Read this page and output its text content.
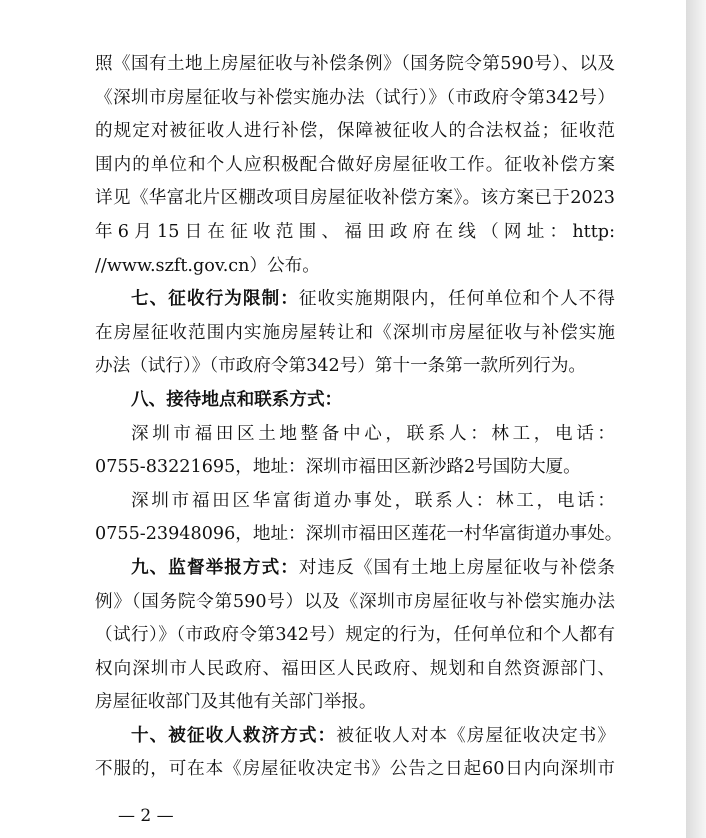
照《国有土地上房屋征收与补偿条例》（国务院令第590号）、以及
《深圳市房屋征收与补偿实施办法（试行）》（市政府令第342号）
的规定对被征收人进行补偿，保障被征收人的合法权益；征收范
围内的单位和个人应积极配合做好房屋征收工作。征收补偿方案
详见《华富北片区棚改项目房屋征收补偿方案》。该方案已于2023
年6月15日在征收范围、福田政府在线（网址：http:
//www.szft.gov.cn）公布。
七、征收行为限制：征收实施期限内，任何单位和个人不得
在房屋征收范围内实施房屋转让和《深圳市房屋征收与补偿实施
办法（试行）》（市政府令第342号）第十一条第一款所列行为。
八、接待地点和联系方式：
深圳市福田区土地整备中心，联系人：林工，电话：
0755-83221695，地址：深圳市福田区新沙路2号国防大厦。
深圳市福田区华富街道办事处，联系人：林工，电话：
0755-23948096，地址：深圳市福田区莲花一村华富街道办事处。
九、监督举报方式：对违反《国有土地上房屋征收与补偿条
例》（国务院令第590号）以及《深圳市房屋征收与补偿实施办法
（试行）》（市政府令第342号）规定的行为，任何单位和个人都有
权向深圳市人民政府、福田区人民政府、规划和自然资源部门、
房屋征收部门及其他有关部门举报。
十、被征收人救济方式：被征收人对本《房屋征收决定书》
不服的，可在本《房屋征收决定书》公告之日起60日内向深圳市
— 2 —
